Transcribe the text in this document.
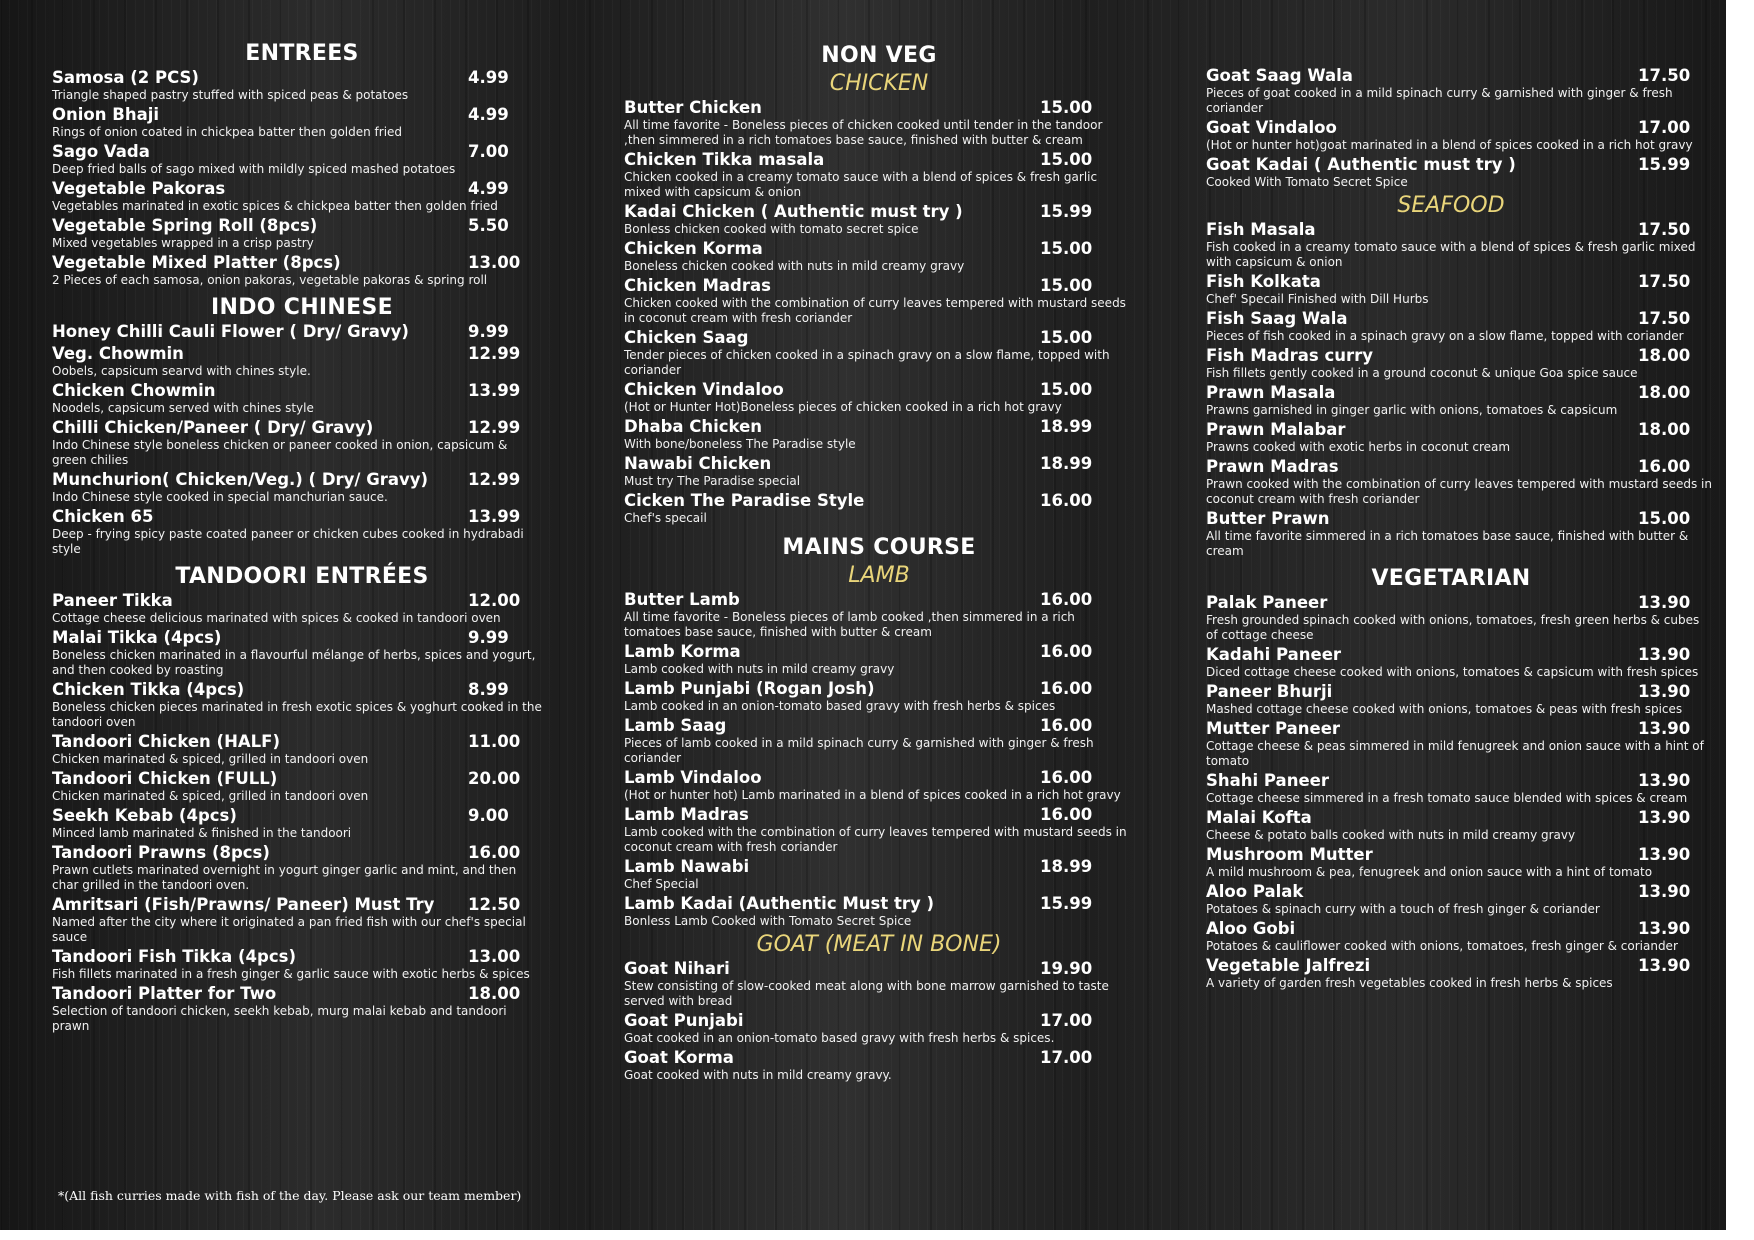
ENTREES
Samosa (2 PCS)	4.99
Triangle shaped pastry stuffed with spiced peas & potatoes
Onion Bhaji	4.99
Rings of onion coated in chickpea batter then golden fried
Sago Vada	7.00
Deep fried balls of sago mixed with mildly spiced mashed potatoes
Vegetable Pakoras	4.99
Vegetables marinated in exotic spices & chickpea batter then golden fried
Vegetable Spring Roll (8pcs)	5.50
Mixed vegetables wrapped in a crisp pastry
Vegetable Mixed Platter (8pcs)	13.00
2 Pieces of each samosa, onion pakoras, vegetable pakoras & spring roll
INDO CHINESE
Honey Chilli Cauli Flower ( Dry/ Gravy)	9.99
Veg. Chowmin	12.99
Oobels, capsicum searvd with chines style.
Chicken Chowmin	13.99
Noodels, capsicum served with chines style
Chilli Chicken/Paneer ( Dry/ Gravy)	12.99
Indo Chinese style boneless chicken or paneer cooked in onion, capsicum & green chilies
Munchurion( Chicken/Veg.) ( Dry/ Gravy)	12.99
Indo Chinese style cooked in special manchurian sauce.
Chicken 65	13.99
Deep - frying spicy paste coated paneer or chicken cubes cooked in hydrabadi style
TANDOORI ENTRÉES
Paneer Tikka	12.00
Cottage cheese delicious marinated with spices & cooked in tandoori oven
Malai Tikka (4pcs)	9.99
Boneless chicken marinated in a flavourful mélange of herbs, spices and yogurt, and then cooked by roasting
Chicken Tikka (4pcs)	8.99
Boneless chicken pieces marinated in fresh exotic spices & yoghurt cooked in the tandoori oven
Tandoori Chicken (HALF)	11.00
Chicken marinated & spiced, grilled in tandoori oven
Tandoori Chicken (FULL)	20.00
Chicken marinated & spiced, grilled in tandoori oven
Seekh Kebab (4pcs)	9.00
Minced lamb marinated & finished in the tandoori
Tandoori Prawns (8pcs)	16.00
Prawn cutlets marinated overnight in yogurt ginger garlic and mint, and then char grilled in the tandoori oven.
Amritsari (Fish/Prawns/ Paneer) Must Try	12.50
Named after the city where it originated a pan fried fish with our chef's special sauce
Tandoori Fish Tikka (4pcs)	13.00
Fish fillets marinated in a fresh ginger & garlic sauce with exotic herbs & spices
Tandoori Platter for Two	18.00
Selection of tandoori chicken, seekh kebab, murg malai kebab and tandoori prawn
NON VEG
CHICKEN
Butter Chicken	15.00
All time favorite - Boneless pieces of chicken cooked until tender in the tandoor ,then simmered in a rich tomatoes base sauce, finished with butter & cream
Chicken Tikka masala	15.00
Chicken cooked in a creamy tomato sauce with a blend of spices & fresh garlic mixed with capsicum & onion
Kadai Chicken ( Authentic must try )	15.99
Bonless chicken cooked with tomato secret spice
Chicken Korma	15.00
Boneless chicken cooked with nuts in mild creamy gravy
Chicken Madras	15.00
Chicken cooked with the combination of curry leaves tempered with mustard seeds in coconut cream with fresh coriander
Chicken Saag	15.00
Tender pieces of chicken cooked in a spinach gravy on a slow flame, topped with coriander
Chicken Vindaloo	15.00
(Hot or Hunter Hot)Boneless pieces of chicken cooked in a rich hot gravy
Dhaba Chicken	18.99
With bone/boneless The Paradise style
Nawabi Chicken	18.99
Must try The Paradise special
Cicken The Paradise Style	16.00
Chef's specail
MAINS COURSE
LAMB
Butter Lamb	16.00
All time favorite - Boneless pieces of lamb cooked ,then simmered in a rich tomatoes base sauce, finished with butter & cream
Lamb Korma	16.00
Lamb cooked with nuts in mild creamy gravy
Lamb Punjabi (Rogan Josh)	16.00
Lamb cooked in an onion-tomato based gravy with fresh herbs & spices
Lamb Saag	16.00
Pieces of lamb cooked in a mild spinach curry & garnished with ginger & fresh coriander
Lamb Vindaloo	16.00
(Hot or hunter hot) Lamb marinated in a blend of spices cooked in a rich hot gravy
Lamb Madras	16.00
Lamb cooked with the combination of curry leaves tempered with mustard seeds in coconut cream with fresh coriander
Lamb Nawabi	18.99
Chef Special
Lamb Kadai (Authentic Must try )	15.99
Bonless Lamb Cooked with Tomato Secret Spice
GOAT (MEAT IN BONE)
Goat Nihari	19.90
Stew consisting of slow-cooked meat along with bone marrow garnished to taste served with bread
Goat Punjabi	17.00
Goat cooked in an onion-tomato based gravy with fresh herbs & spices.
Goat Korma	17.00
Goat cooked with nuts in mild creamy gravy.
Goat Saag Wala	17.50
Pieces of goat cooked in a mild spinach curry & garnished with ginger & fresh coriander
Goat Vindaloo	17.00
(Hot or hunter hot)goat marinated in a blend of spices cooked in a rich hot gravy
Goat Kadai ( Authentic must try )	15.99
Cooked With Tomato Secret Spice
SEAFOOD
Fish Masala	17.50
Fish cooked in a creamy tomato sauce with a blend of spices & fresh garlic mixed with capsicum & onion
Fish Kolkata	17.50
Chef' Specail Finished with Dill Hurbs
Fish Saag Wala	17.50
Pieces of fish cooked in a spinach gravy on a slow flame, topped with coriander
Fish Madras curry	18.00
Fish fillets gently cooked in a ground coconut & unique Goa spice sauce
Prawn Masala	18.00
Prawns garnished in ginger garlic with onions, tomatoes & capsicum
Prawn Malabar	18.00
Prawns cooked with exotic herbs in coconut cream
Prawn Madras	16.00
Prawn cooked with the combination of curry leaves tempered with mustard seeds in coconut cream with fresh coriander
Butter Prawn	15.00
All time favorite simmered in a rich tomatoes base sauce, finished with butter & cream
VEGETARIAN
Palak Paneer	13.90
Fresh grounded spinach cooked with onions, tomatoes, fresh green herbs & cubes of cottage cheese
Kadahi Paneer	13.90
Diced cottage cheese cooked with onions, tomatoes & capsicum with fresh spices
Paneer Bhurji	13.90
Mashed cottage cheese cooked with onions, tomatoes & peas with fresh spices
Mutter Paneer	13.90
Cottage cheese & peas simmered in mild fenugreek and onion sauce with a hint of tomato
Shahi Paneer	13.90
Cottage cheese simmered in a fresh tomato sauce blended with spices & cream
Malai Kofta	13.90
Cheese & potato balls cooked with nuts in mild creamy gravy
Mushroom Mutter	13.90
A mild mushroom & pea, fenugreek and onion sauce with a hint of tomato
Aloo Palak	13.90
Potatoes & spinach curry with a touch of fresh ginger & coriander
Aloo Gobi	13.90
Potatoes & cauliflower cooked with onions, tomatoes, fresh ginger & coriander
Vegetable Jalfrezi	13.90
A variety of garden fresh vegetables cooked in fresh herbs & spices
*(All fish curries made with fish of the day. Please ask our team member)
